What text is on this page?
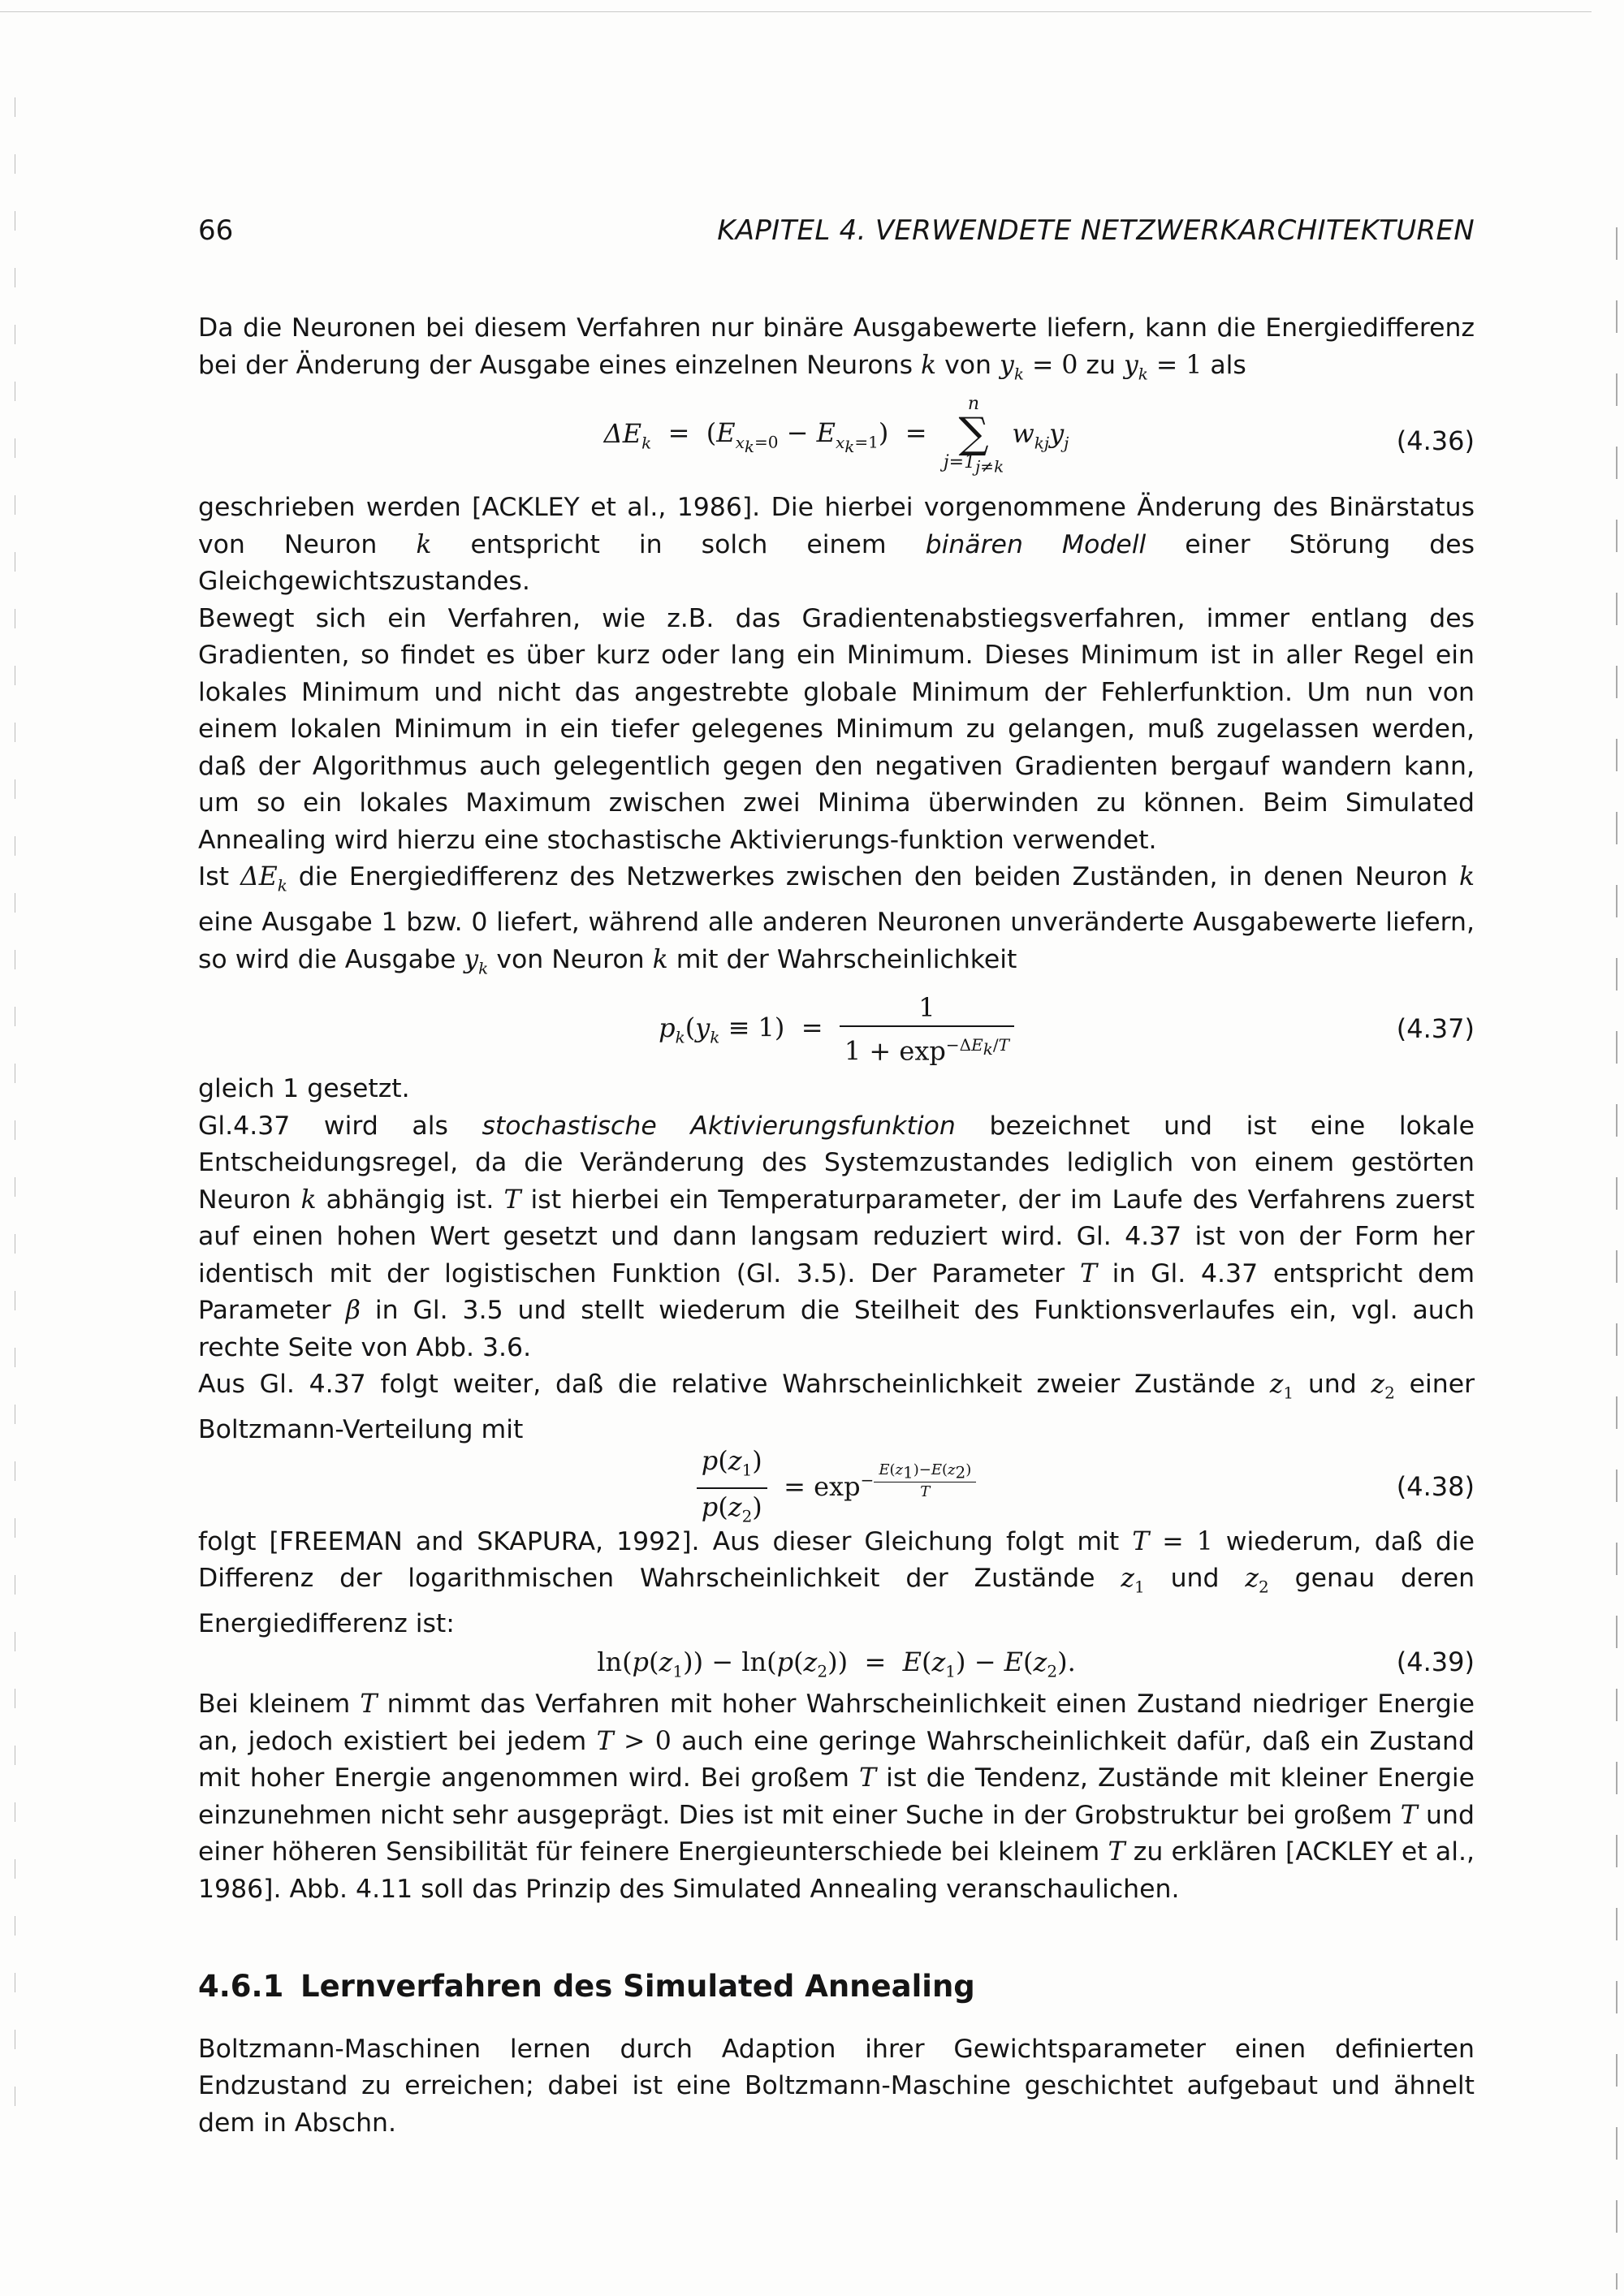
66	KAPITEL 4. VERWENDETE NETZWERKARCHITEKTUREN

Da die Neuronen bei diesem Verfahren nur binäre Ausgabewerte liefern, kann die Energiedifferenz bei der Änderung der Ausgabe eines einzelnen Neurons k von $y_k = 0$ zu $y_k = 1$ als

$\Delta E_k = (E_{x_k=0} - E_{x_k=1})$  =
n
∑
$j=1_{j\ne k}$
$w_{kj}y_j$	(4.36)

geschrieben werden [ACKLEY et al., 1986]. Die hierbei vorgenommene Änderung des Binärstatus von Neuron k entspricht in solch einem binären Modell einer Störung des Gleichgewichtszustandes.

Bewegt sich ein Verfahren, wie z.B. das Gradientenabstiegsverfahren, immer entlang des Gradienten, so findet es über kurz oder lang ein Minimum. Dieses Minimum ist in aller Regel ein lokales Minimum und nicht das angestrebte globale Minimum der Fehlerfunktion. Um nun von einem lokalen Minimum in ein tiefer gelegenes Minimum zu gelangen, muß zugelassen werden, daß der Algorithmus auch gelegentlich gegen den negativen Gradienten bergauf wandern kann, um so ein lokales Maximum zwischen zwei Minima überwinden zu können. Beim Simulated Annealing wird hierzu eine stochastische Aktivierungs-funktion verwendet.

Ist $\Delta E_k$ die Energiedifferenz des Netzwerkes zwischen den beiden Zuständen, in denen Neuron k eine Ausgabe 1 bzw. 0 liefert, während alle anderen Neuronen unveränderte Ausgabewerte liefern, so wird die Ausgabe $y_k$ von Neuron k mit der Wahrscheinlichkeit

$p_k(y_k \equiv 1) = \frac{1}{1 + \exp^{-\Delta E_k/T}}$	(4.37)

gleich 1 gesetzt.

Gl.4.37 wird als stochastische Aktivierungsfunktion bezeichnet und ist eine lokale Entscheidungsregel, da die Veränderung des Systemzustandes lediglich von einem gestörten Neuron k abhängig ist. T ist hierbei ein Temperaturparameter, der im Laufe des Verfahrens zuerst auf einen hohen Wert gesetzt und dann langsam reduziert wird. Gl. 4.37 ist von der Form her identisch mit der logistischen Funktion (Gl. 3.5). Der Parameter T in Gl. 4.37 entspricht dem Parameter β in Gl. 3.5 und stellt wiederum die Steilheit des Funktionsverlaufes ein, vgl. auch rechte Seite von Abb. 3.6.

Aus Gl. 4.37 folgt weiter, daß die relative Wahrscheinlichkeit zweier Zustände $z_1$ und $z_2$ einer Boltzmann-Verteilung mit

$\frac{p(z_1)}{p(z_2)} = \exp^{- \frac{E(z_1)-E(z_2)}{T}}$	(4.38)

folgt [FREEMAN and SKAPURA, 1992]. Aus dieser Gleichung folgt mit T = 1 wiederum, daß die Differenz der logarithmischen Wahrscheinlichkeit der Zustände $z_1$ und $z_2$ genau deren Energiedifferenz ist:

$\ln(p(z_1)) - \ln(p(z_2)) = E(z_1) - E(z_2)$.	(4.39)

Bei kleinem T nimmt das Verfahren mit hoher Wahrscheinlichkeit einen Zustand niedriger Energie an, jedoch existiert bei jedem T > 0 auch eine geringe Wahrscheinlichkeit dafür, daß ein Zustand mit hoher Energie angenommen wird. Bei großem T ist die Tendenz, Zustände mit kleiner Energie einzunehmen nicht sehr ausgeprägt. Dies ist mit einer Suche in der Grobstruktur bei großem T und einer höheren Sensibilität für feinere Energieunterschiede bei kleinem T zu erklären [ACKLEY et al., 1986]. Abb. 4.11 soll das Prinzip des Simulated Annealing veranschaulichen.

4.6.1 Lernverfahren des Simulated Annealing

Boltzmann-Maschinen lernen durch Adaption ihrer Gewichtsparameter einen definierten Endzustand zu erreichen; dabei ist eine Boltzmann-Maschine geschichtet aufgebaut und ähnelt dem in Abschn.
